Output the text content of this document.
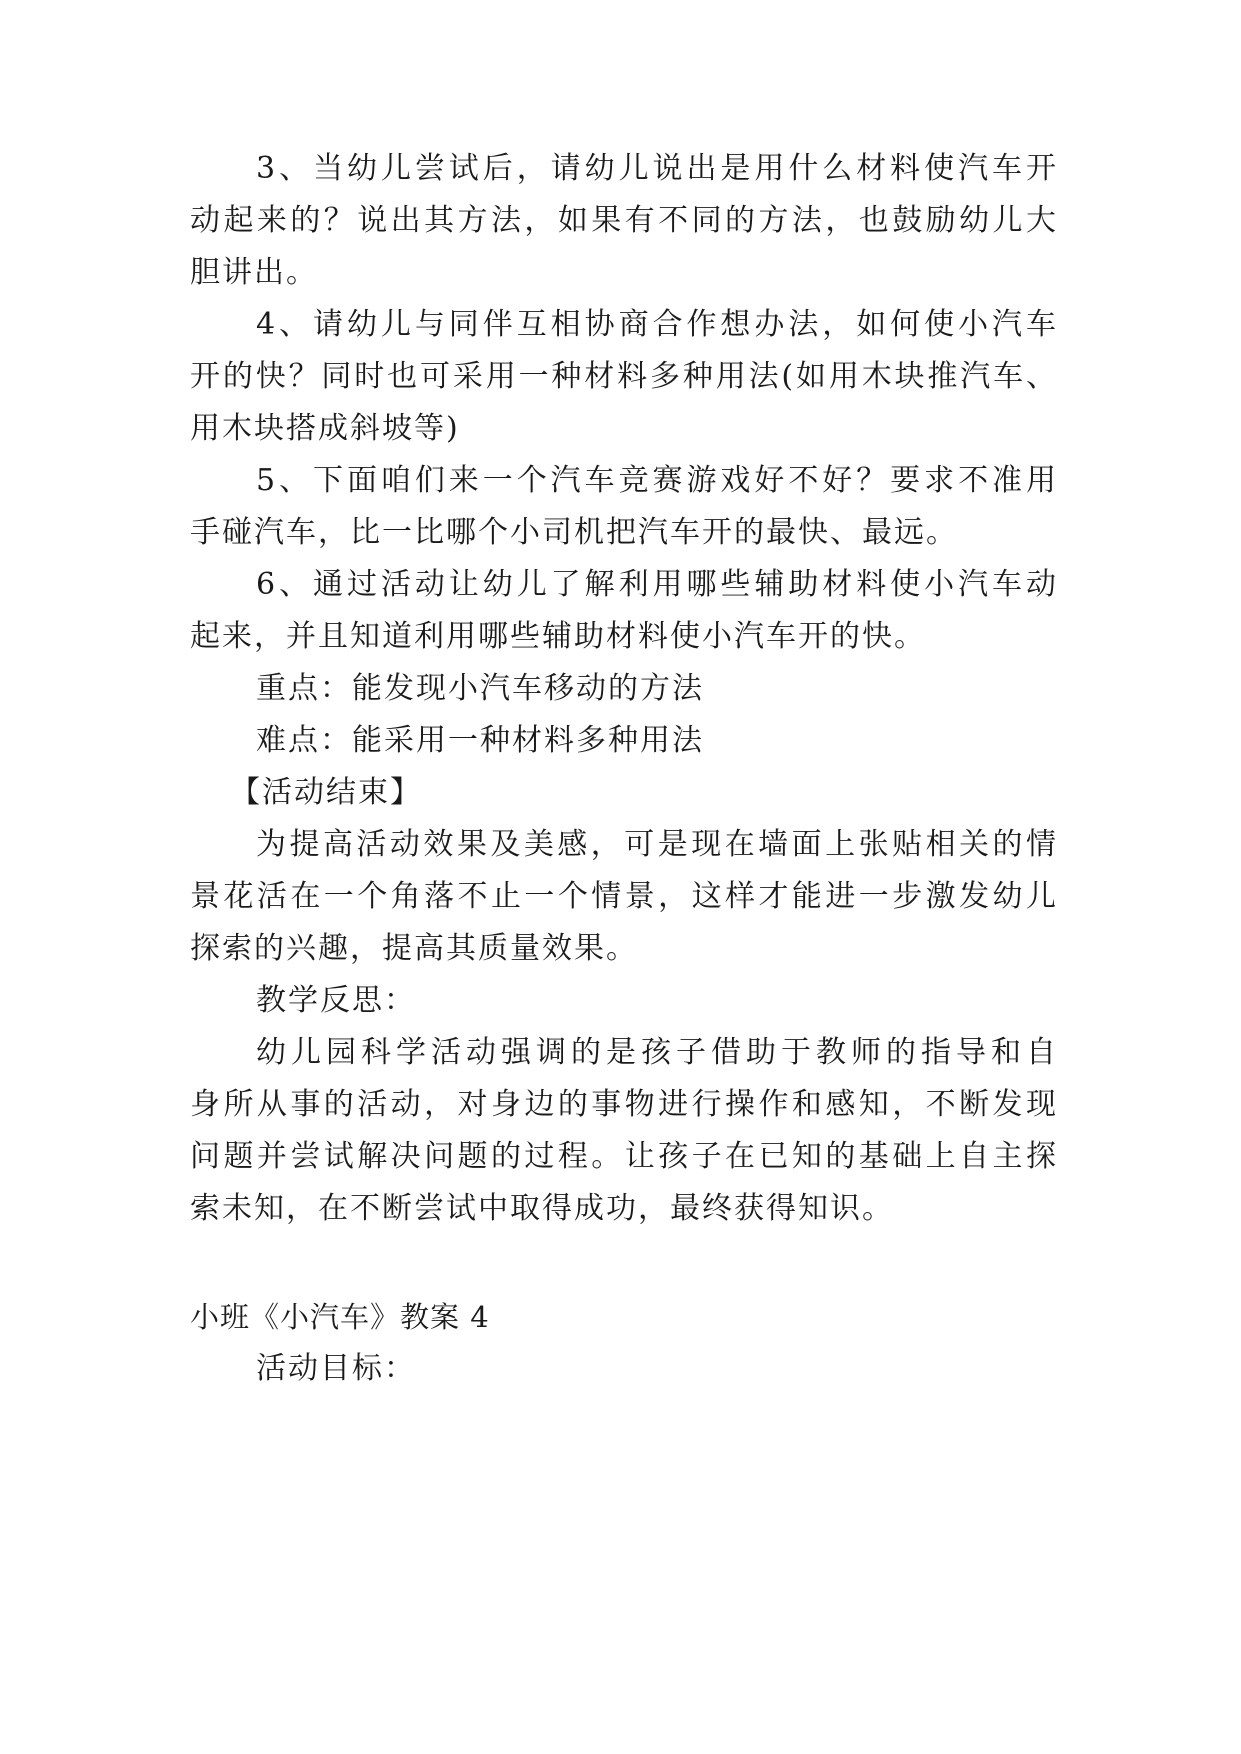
3、当幼儿尝试后，请幼儿说出是用什么材料使汽车开
动起来的？说出其方法，如果有不同的方法，也鼓励幼儿大
胆讲出。
4、请幼儿与同伴互相协商合作想办法，如何使小汽车
开的快？同时也可采用一种材料多种用法(如用木块推汽车、
用木块搭成斜坡等)
5、下面咱们来一个汽车竞赛游戏好不好？要求不准用
手碰汽车，比一比哪个小司机把汽车开的最快、最远。
6、通过活动让幼儿了解利用哪些辅助材料使小汽车动
起来，并且知道利用哪些辅助材料使小汽车开的快。
重点：能发现小汽车移动的方法
难点：能采用一种材料多种用法
【活动结束】
为提高活动效果及美感，可是现在墙面上张贴相关的情
景花活在一个角落不止一个情景，这样才能进一步激发幼儿
探索的兴趣，提高其质量效果。
教学反思：
幼儿园科学活动强调的是孩子借助于教师的指导和自
身所从事的活动，对身边的事物进行操作和感知，不断发现
问题并尝试解决问题的过程。让孩子在已知的基础上自主探
索未知，在不断尝试中取得成功，最终获得知识。
小班《小汽车》教案 4
活动目标：
